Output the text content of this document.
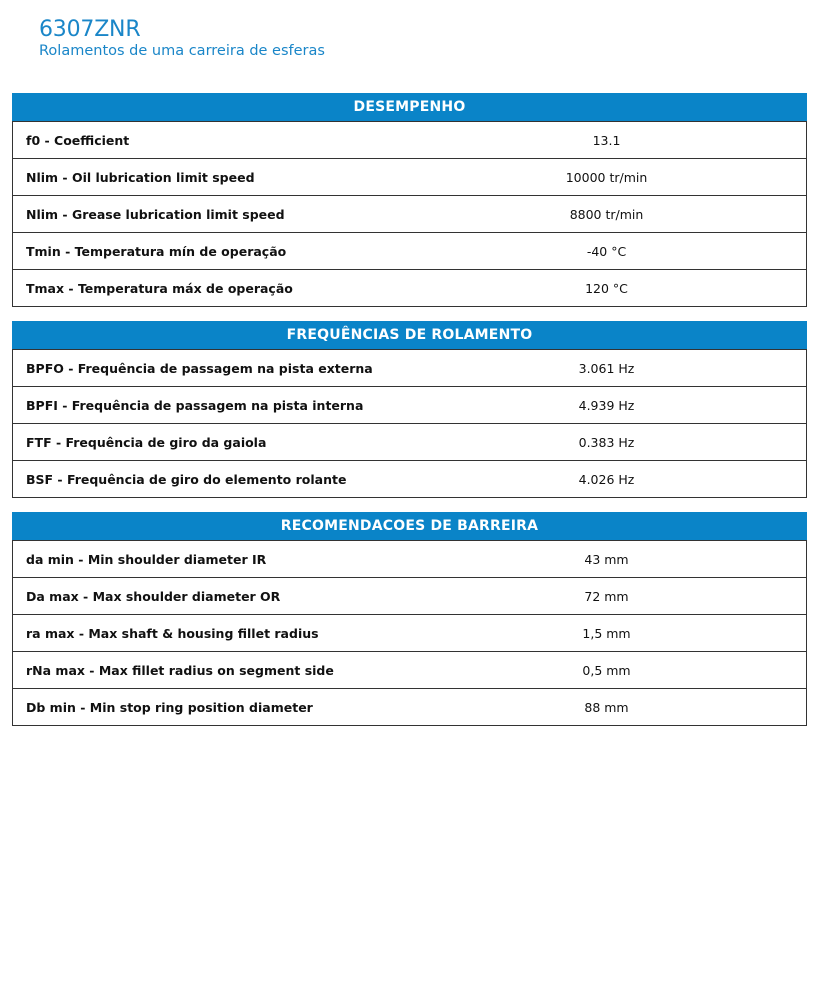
6307ZNR
Rolamentos de uma carreira de esferas
DESEMPENHO
f0 - Coefficient	13.1
Nlim - Oil lubrication limit speed	10000 tr/min
Nlim - Grease lubrication limit speed	8800 tr/min
Tmin - Temperatura mín de operação	-40 °C
Tmax - Temperatura máx de operação	120 °C
FREQUÊNCIAS DE ROLAMENTO
BPFO - Frequência de passagem na pista externa	3.061 Hz
BPFI - Frequência de passagem na pista interna	4.939 Hz
FTF - Frequência de giro da gaiola	0.383 Hz
BSF - Frequência de giro do elemento rolante	4.026 Hz
RECOMENDACOES DE BARREIRA
da min - Min shoulder diameter IR	43 mm
Da max - Max shoulder diameter OR	72 mm
ra max - Max shaft & housing fillet radius	1,5 mm
rNa max - Max fillet radius on segment side	0,5 mm
Db min - Min stop ring position diameter	88 mm
